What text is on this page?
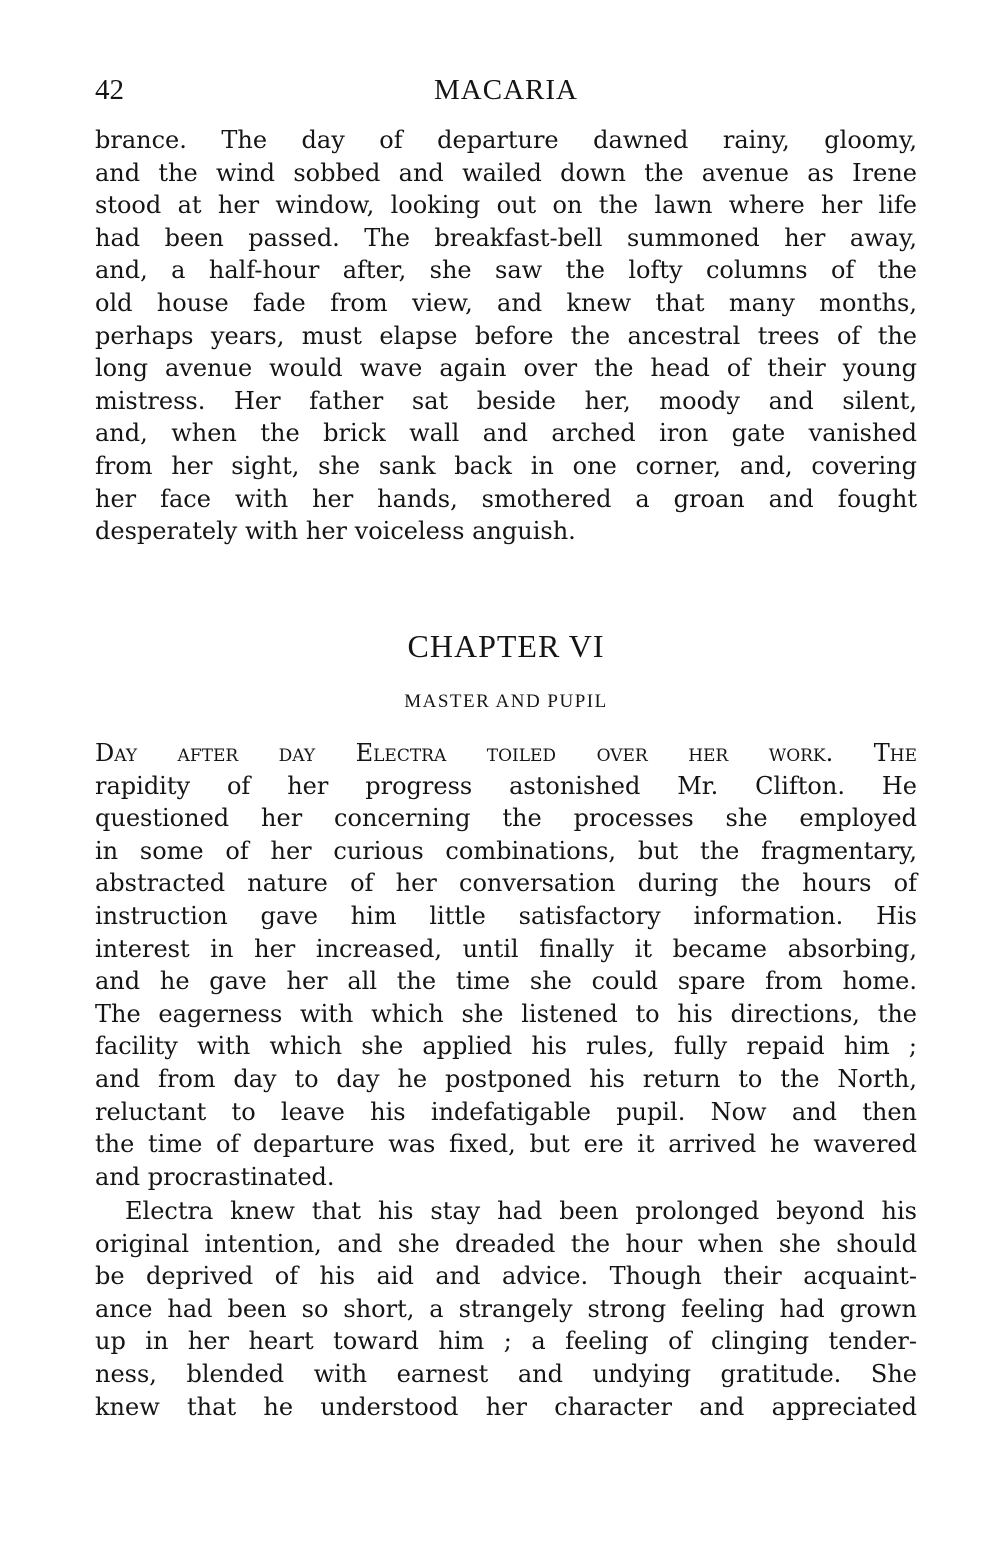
42	MACARIA
brance. The day of departure dawned rainy, gloomy,
and the wind sobbed and wailed down the avenue as Irene
stood at her window, looking out on the lawn where her life
had been passed. The breakfast-bell summoned her away,
and, a half-hour after, she saw the lofty columns of the
old house fade from view, and knew that many months,
perhaps years, must elapse before the ancestral trees of the
long avenue would wave again over the head of their young
mistress. Her father sat beside her, moody and silent,
and, when the brick wall and arched iron gate vanished
from her sight, she sank back in one corner, and, covering
her face with her hands, smothered a groan and fought
desperately with her voiceless anguish.
CHAPTER VI
MASTER AND PUPIL
Day after day Electra toiled over her work. The
rapidity of her progress astonished Mr. Clifton. He
questioned her concerning the processes she employed
in some of her curious combinations, but the fragmentary,
abstracted nature of her conversation during the hours of
instruction gave him little satisfactory information. His
interest in her increased, until finally it became absorbing,
and he gave her all the time she could spare from home.
The eagerness with which she listened to his directions, the
facility with which she applied his rules, fully repaid him ;
and from day to day he postponed his return to the North,
reluctant to leave his indefatigable pupil. Now and then
the time of departure was fixed, but ere it arrived he wavered
and procrastinated.
Electra knew that his stay had been prolonged beyond his
original intention, and she dreaded the hour when she should
be deprived of his aid and advice. Though their acquaint-
ance had been so short, a strangely strong feeling had grown
up in her heart toward him ; a feeling of clinging tender-
ness, blended with earnest and undying gratitude. She
knew that he understood her character and appreciated
